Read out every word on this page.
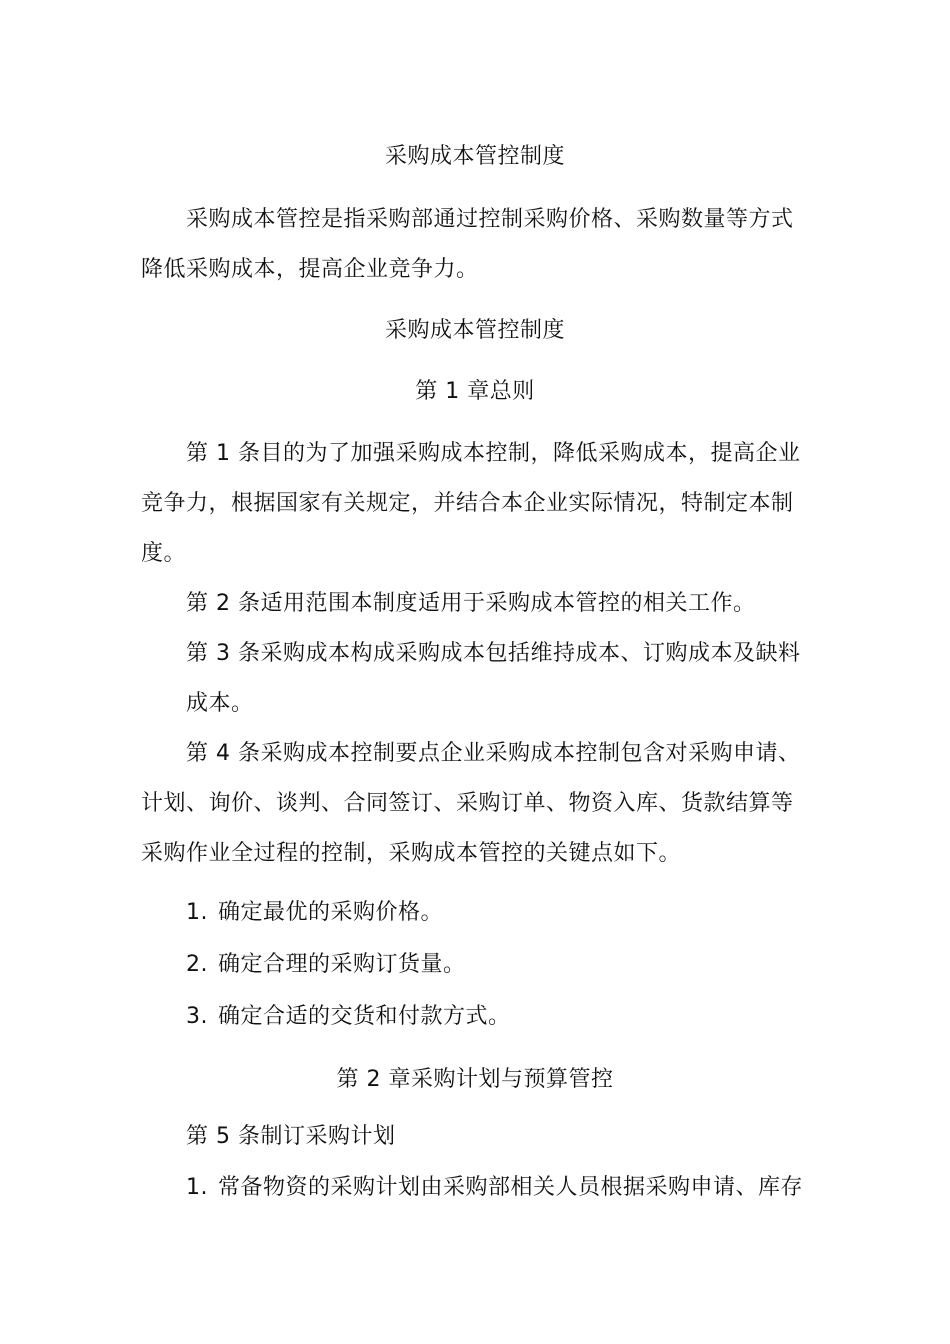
采购成本管控制度
采购成本管控是指采购部通过控制采购价格、采购数量等方式
降低采购成本，提高企业竞争力。
采购成本管控制度
第 1 章总则
第 1 条目的为了加强采购成本控制，降低采购成本，提高企业
竞争力，根据国家有关规定，并结合本企业实际情况，特制定本制
度。
第 2 条适用范围本制度适用于采购成本管控的相关工作。
第 3 条采购成本构成采购成本包括维持成本、订购成本及缺料
成本。
第 4 条采购成本控制要点企业采购成本控制包含对采购申请、
计划、询价、谈判、合同签订、采购订单、物资入库、货款结算等
采购作业全过程的控制，采购成本管控的关键点如下。
1. 确定最优的采购价格。
2. 确定合理的采购订货量。
3. 确定合适的交货和付款方式。
第 2 章采购计划与预算管控
第 5 条制订采购计划
1. 常备物资的采购计划由采购部相关人员根据采购申请、库存
